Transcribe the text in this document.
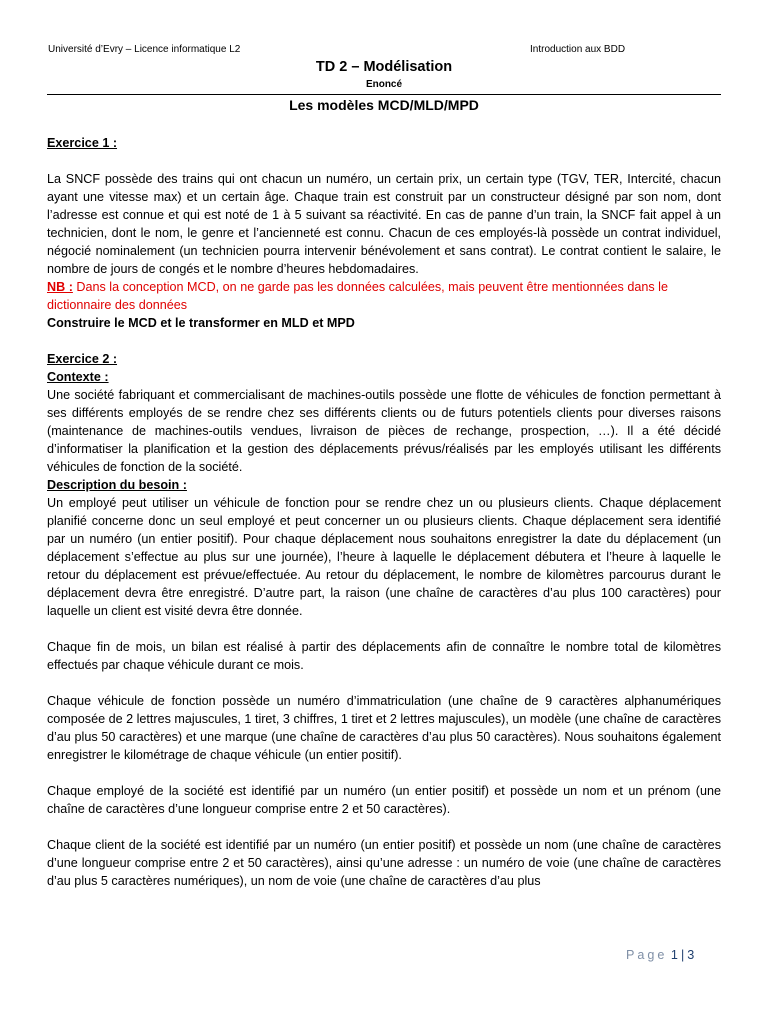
Université d’Evry – Licence informatique L2	Introduction aux BDD
TD 2 – Modélisation
Enoncé
Les modèles MCD/MLD/MPD

Exercice 1 :

La SNCF possède des trains qui ont chacun un numéro, un certain prix, un certain type (TGV, TER, Intercité, chacun ayant une vitesse max) et un certain âge. Chaque train est construit par un constructeur désigné par son nom, dont l’adresse est connue et qui est noté de 1 à 5 suivant sa réactivité. En cas de panne d’un train, la SNCF fait appel à un technicien, dont le nom, le genre et l’ancienneté est connu. Chacun de ces employés-là possède un contrat individuel, négocié nominalement (un technicien pourra intervenir bénévolement et sans contrat). Le contrat contient le salaire, le nombre de jours de congés et le nombre d’heures hebdomadaires.

NB : Dans la conception MCD, on ne garde pas les données calculées, mais peuvent être mentionnées dans le dictionnaire des données

Construire le MCD et le transformer en MLD et MPD

Exercice 2 :

Contexte :

Une société fabriquant et commercialisant de machines-outils possède une flotte de véhicules de fonction permettant à ses différents employés de se rendre chez ses différents clients ou de futurs potentiels clients pour diverses raisons (maintenance de machines-outils vendues, livraison de pièces de rechange, prospection, …). Il a été décidé d’informatiser la planification et la gestion des déplacements prévus/réalisés par les employés utilisant les différents véhicules de fonction de la société.

Description du besoin :

Un employé peut utiliser un véhicule de fonction pour se rendre chez un ou plusieurs clients. Chaque déplacement planifié concerne donc un seul employé et peut concerner un ou plusieurs clients. Chaque déplacement sera identifié par un numéro (un entier positif). Pour chaque déplacement nous souhaitons enregistrer la date du déplacement (un déplacement s’effectue au plus sur une journée), l’heure à laquelle le déplacement débutera et l’heure à laquelle le retour du déplacement est prévue/effectuée. Au retour du déplacement, le nombre de kilomètres parcourus durant le déplacement devra être enregistré. D’autre part, la raison (une chaîne de caractères d’au plus 100 caractères) pour laquelle un client est visité devra être donnée.

Chaque fin de mois, un bilan est réalisé à partir des déplacements afin de connaître le nombre total de kilomètres effectués par chaque véhicule durant ce mois.

Chaque véhicule de fonction possède un numéro d’immatriculation (une chaîne de 9 caractères alphanumériques composée de 2 lettres majuscules, 1 tiret, 3 chiffres, 1 tiret et 2 lettres majuscules), un modèle (une chaîne de caractères d’au plus 50 caractères) et une marque (une chaîne de caractères d’au plus 50 caractères). Nous souhaitons également enregistrer le kilométrage de chaque véhicule (un entier positif).

Chaque employé de la société est identifié par un numéro (un entier positif) et possède un nom et un prénom (une chaîne de caractères d’une longueur comprise entre 2 et 50 caractères).

Chaque client de la société est identifié par un numéro (un entier positif) et possède un nom (une chaîne de caractères d’une longueur comprise entre 2 et 50 caractères), ainsi qu’une adresse : un numéro de voie (une chaîne de caractères d’au plus 5 caractères numériques), un nom de voie (une chaîne de caractères d’au plus

Page 1 | 3
